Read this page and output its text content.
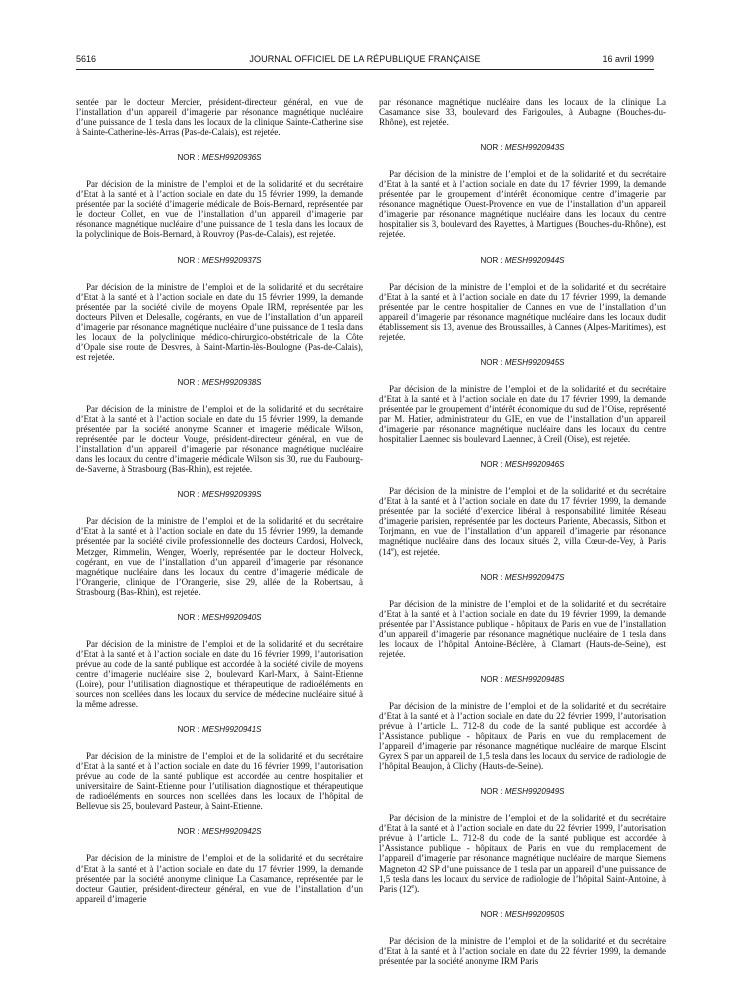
5616	JOURNAL OFFICIEL DE LA RÉPUBLIQUE FRANÇAISE	16 avril 1999

sentée par le docteur Mercier, président-directeur général, en vue de l’installation d’un appareil d’imagerie par résonance magnétique nucléaire d’une puissance de 1 tesla dans les locaux de la clinique Sainte-Catherine sise à Sainte-Catherine-lès-Arras (Pas-de-Calais), est rejetée.

NOR : MESH9920936S

Par décision de la ministre de l’emploi et de la solidarité et du secrétaire d’Etat à la santé et à l’action sociale en date du 15 février 1999, la demande présentée par la société d’imagerie médicale de Bois-Bernard, représentée par le docteur Collet, en vue de l’installation d’un appareil d’imagerie par résonance magnétique nucléaire d’une puissance de 1 tesla dans les locaux de la polyclinique de Bois-Bernard, à Rouvroy (Pas-de-Calais), est rejetée.

NOR : MESH9920937S

Par décision de la ministre de l’emploi et de la solidarité et du secrétaire d’Etat à la santé et à l’action sociale en date du 15 février 1999, la demande présentée par la société civile de moyens Opale IRM, représentée par les docteurs Pilven et Delesalle, cogérants, en vue de l’installation d’un appareil d’imagerie par résonance magnétique nucléaire d’une puissance de 1 tesla dans les locaux de la polyclinique médico-chirurgico-obstétricale de la Côte d’Opale sise route de Desvres, à Saint-Martin-lès-Boulogne (Pas-de-Calais), est rejetée.

NOR : MESH9920938S

Par décision de la ministre de l’emploi et de la solidarité et du secrétaire d’Etat à la santé et à l’action sociale en date du 15 février 1999, la demande présentée par la société anonyme Scanner et imagerie médicale Wilson, représentée par le docteur Vouge, président-directeur général, en vue de l’installation d’un appareil d’imagerie par résonance magnétique nucléaire dans les locaux du centre d’imagerie médicale Wilson sis 30, rue du Faubourg-de-Saverne, à Strasbourg (Bas-Rhin), est rejetée.

NOR : MESH9920939S

Par décision de la ministre de l’emploi et de la solidarité et du secrétaire d’Etat à la santé et à l’action sociale en date du 15 février 1999, la demande présentée par la société civile professionnelle des docteurs Cardosi, Holveck, Metzger, Rimmelin, Wenger, Woerly, représentée par le docteur Holveck, cogérant, en vue de l’installation d’un appareil d’imagerie par résonance magnétique nucléaire dans les locaux du centre d’imagerie médicale de l’Orangerie, clinique de l’Orangerie, sise 29, allée de la Robertsau, à Strasbourg (Bas-Rhin), est rejetée.

NOR : MESH9920940S

Par décision de la ministre de l’emploi et de la solidarité et du secrétaire d’Etat à la santé et à l’action sociale en date du 16 février 1999, l’autorisation prévue au code de la santé publique est accordée à la société civile de moyens centre d’imagerie nucléaire sise 2, boulevard Karl-Marx, à Saint-Etienne (Loire), pour l’utilisation diagnostique et thérapeutique de radioéléments en sources non scellées dans les locaux du service de médecine nucléaire situé à la même adresse.

NOR : MESH9920941S

Par décision de la ministre de l’emploi et de la solidarité et du secrétaire d’Etat à la santé et à l’action sociale en date du 16 février 1999, l’autorisation prévue au code de la santé publique est accordée au centre hospitalier et universitaire de Saint-Etienne pour l’utilisation diagnostique et thérapeutique de radioéléments en sources non scellées dans les locaux de l’hôpital de Bellevue sis 25, boulevard Pasteur, à Saint-Etienne.

NOR : MESH9920942S

Par décision de la ministre de l’emploi et de la solidarité et du secrétaire d’Etat à la santé et à l’action sociale en date du 17 février 1999, la demande présentée par la société anonyme clinique La Casamance, représentée par le docteur Gautier, président-directeur général, en vue de l’installation d’un appareil d’imagerie

par résonance magnétique nucléaire dans les locaux de la clinique La Casamance sise 33, boulevard des Farigoules, à Aubagne (Bouches-du-Rhône), est rejetée.

NOR : MESH9920943S

Par décision de la ministre de l’emploi et de la solidarité et du secrétaire d’Etat à la santé et à l’action sociale en date du 17 février 1999, la demande présentée par le groupement d’intérêt économique centre d’imagerie par résonance magnétique Ouest-Provence en vue de l’installation d’un appareil d’imagerie par résonance magnétique nucléaire dans les locaux du centre hospitalier sis 3, boulevard des Rayettes, à Martigues (Bouches-du-Rhône), est rejetée.

NOR : MESH9920944S

Par décision de la ministre de l’emploi et de la solidarité et du secrétaire d’Etat à la santé et à l’action sociale en date du 17 février 1999, la demande présentée par le centre hospitalier de Cannes en vue de l’installation d’un appareil d’imagerie par résonance magnétique nucléaire dans les locaux dudit établissement sis 13, avenue des Broussailles, à Cannes (Alpes-Maritimes), est rejetée.

NOR : MESH9920945S

Par décision de la ministre de l’emploi et de la solidarité et du secrétaire d’Etat à la santé et à l’action sociale en date du 17 février 1999, la demande présentée par le groupement d’intérêt économique du sud de l’Oise, représenté par M. Hatier, administrateur du GIE, en vue de l’installation d’un appareil d’imagerie par résonance magnétique nucléaire dans les locaux du centre hospitalier Laennec sis boulevard Laennec, à Creil (Oise), est rejetée.

NOR : MESH9920946S

Par décision de la ministre de l’emploi et de la solidarité et du secrétaire d’Etat à la santé et à l’action sociale en date du 17 février 1999, la demande présentée par la société d’exercice libéral à responsabilité limitée Réseau d’imagerie parisien, représentée par les docteurs Pariente, Abecassis, Sitbon et Torjmann, en vue de l’installation d’un appareil d’imagerie par résonance magnétique nucléaire dans des locaux situés 2, villa Cœur-de-Vey, à Paris (14e), est rejetée.

NOR : MESH9920947S

Par décision de la ministre de l’emploi et de la solidarité et du secrétaire d’Etat à la santé et à l’action sociale en date du 19 février 1999, la demande présentée par l’Assistance publique - hôpitaux de Paris en vue de l’installation d’un appareil d’imagerie par résonance magnétique nucléaire de 1 tesla dans les locaux de l’hôpital Antoine-Béclère, à Clamart (Hauts-de-Seine), est rejetée.

NOR : MESH9920948S

Par décision de la ministre de l’emploi et de la solidarité et du secrétaire d’Etat à la santé et à l’action sociale en date du 22 février 1999, l’autorisation prévue à l’article L. 712-8 du code de la santé publique est accordée à l’Assistance publique - hôpitaux de Paris en vue du remplacement de l’appareil d’imagerie par résonance magnétique nucléaire de marque Elscint Gyrex S par un appareil de 1,5 tesla dans les locaux du service de radiologie de l’hôpital Beaujon, à Clichy (Hauts-de-Seine).

NOR : MESH9920949S

Par décision de la ministre de l’emploi et de la solidarité et du secrétaire d’Etat à la santé et à l’action sociale en date du 22 février 1999, l’autorisation prévue à l’article L. 712-8 du code de la santé publique est accordée à l’Assistance publique - hôpitaux de Paris en vue du remplacement de l’appareil d’imagerie par résonance magnétique nucléaire de marque Siemens Magneton 42 SP d’une puissance de 1 tesla par un appareil d’une puissance de 1,5 tesla dans les locaux du service de radiologie de l’hôpital Saint-Antoine, à Paris (12e).

NOR : MESH9920950S

Par décision de la ministre de l’emploi et de la solidarité et du secrétaire d’Etat à la santé et à l’action sociale en date du 22 février 1999, la demande présentée par la société anonyme IRM Paris
